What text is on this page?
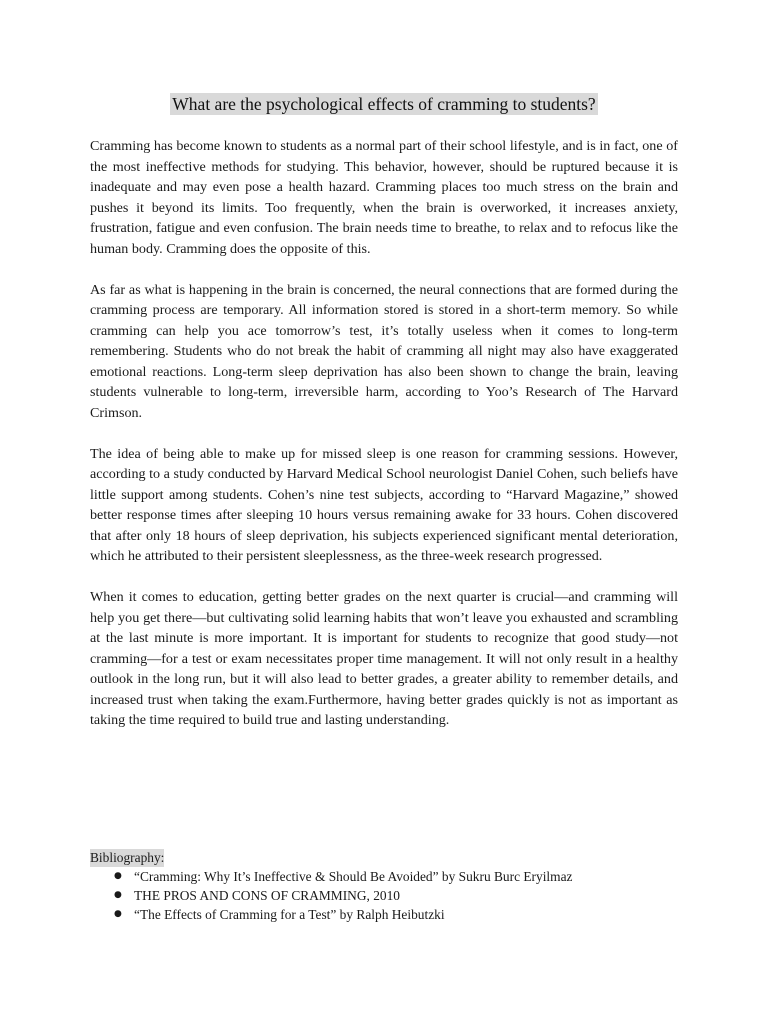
What are the psychological effects of cramming to students?

Cramming has become known to students as a normal part of their school lifestyle, and is in fact, one of the most ineffective methods for studying. This behavior, however, should be ruptured because it is inadequate and may even pose a health hazard. Cramming places too much stress on the brain and pushes it beyond its limits. Too frequently, when the brain is overworked, it increases anxiety, frustration, fatigue and even confusion. The brain needs time to breathe, to relax and to refocus like the human body. Cramming does the opposite of this.

As far as what is happening in the brain is concerned, the neural connections that are formed during the cramming process are temporary. All information stored is stored in a short-term memory. So while cramming can help you ace tomorrow’s test, it’s totally useless when it comes to long-term remembering. Students who do not break the habit of cramming all night may also have exaggerated emotional reactions. Long-term sleep deprivation has also been shown to change the brain, leaving students vulnerable to long-term, irreversible harm, according to Yoo’s Research of The Harvard Crimson.

The idea of being able to make up for missed sleep is one reason for cramming sessions. However, according to a study conducted by Harvard Medical School neurologist Daniel Cohen, such beliefs have little support among students. Cohen’s nine test subjects, according to “Harvard Magazine,” showed better response times after sleeping 10 hours versus remaining awake for 33 hours. Cohen discovered that after only 18 hours of sleep deprivation, his subjects experienced significant mental deterioration, which he attributed to their persistent sleeplessness, as the three-week research progressed.

When it comes to education, getting better grades on the next quarter is crucial—and cramming will help you get there—but cultivating solid learning habits that won’t leave you exhausted and scrambling at the last minute is more important. It is important for students to recognize that good study—not cramming—for a test or exam necessitates proper time management. It will not only result in a healthy outlook in the long run, but it will also lead to better grades, a greater ability to remember details, and increased trust when taking the exam.Furthermore, having better grades quickly is not as important as taking the time required to build true and lasting understanding.

Bibliography:
● “Cramming: Why It’s Ineffective & Should Be Avoided” by Sukru Burc Eryilmaz
● THE PROS AND CONS OF CRAMMING, 2010
● “The Effects of Cramming for a Test” by Ralph Heibutzki
